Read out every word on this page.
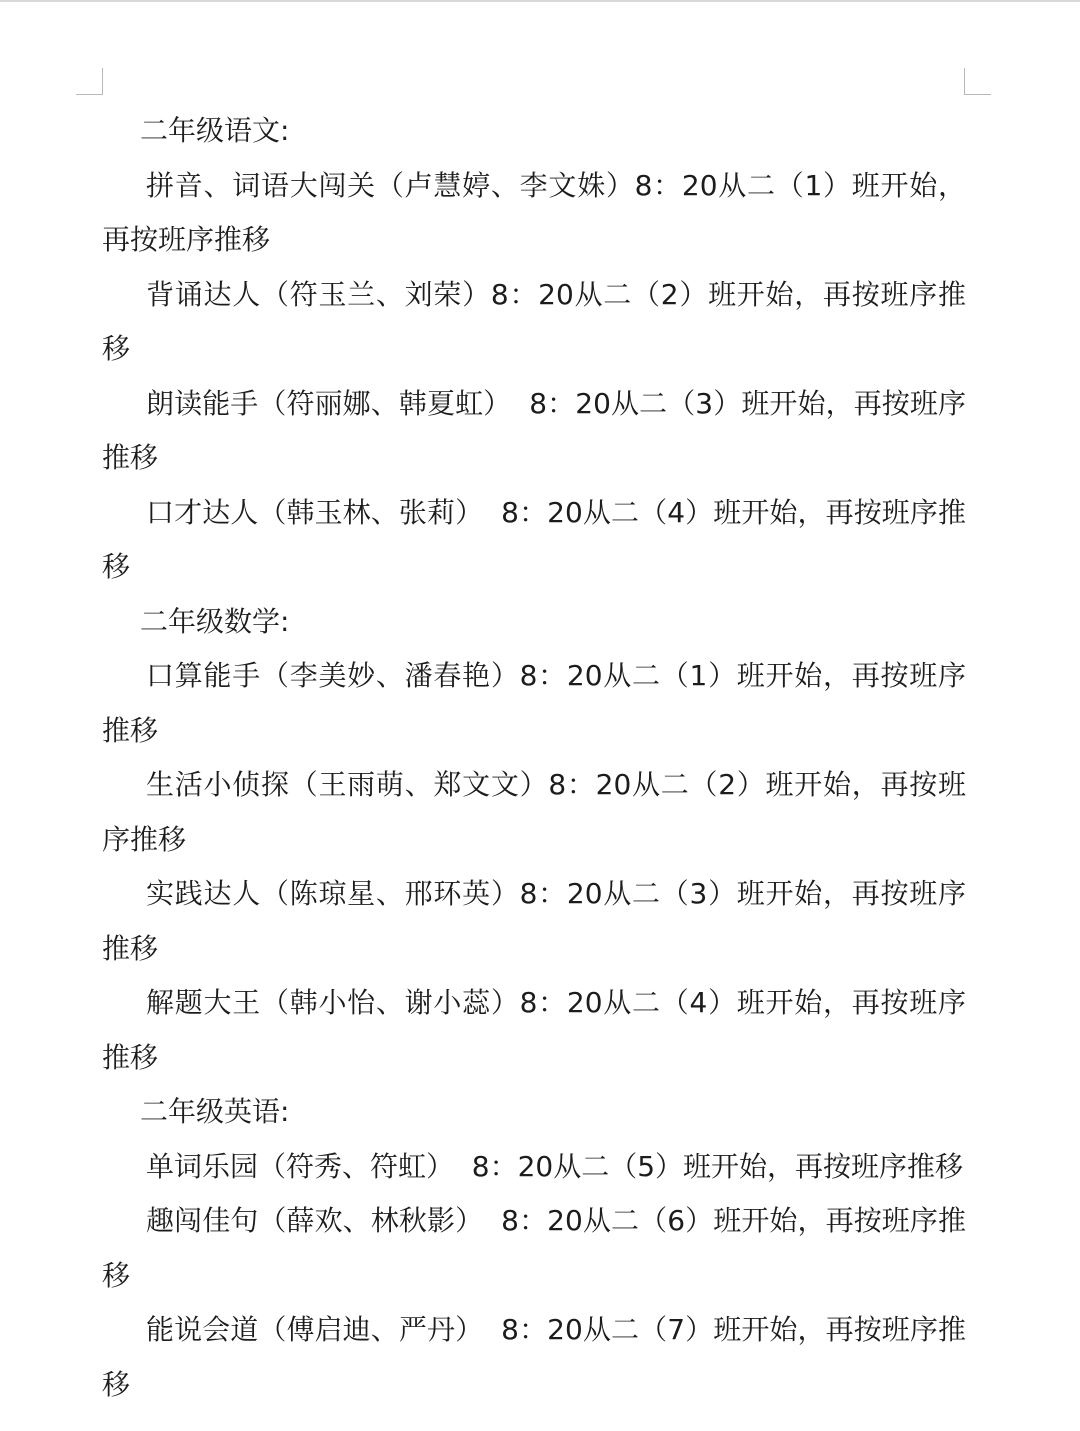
二年级语文:

拼音、词语大闯关（卢慧婷、李文姝）8：20从二（1）班开始，再按班序推移

背诵达人（符玉兰、刘荣）8：20从二（2）班开始，再按班序推移

朗读能手（符丽娜、韩夏虹）  8：20从二（3）班开始，再按班序推移

口才达人（韩玉林、张莉）  8：20从二（4）班开始，再按班序推移

二年级数学:

口算能手（李美妙、潘春艳）8：20从二（1）班开始，再按班序推移

生活小侦探（王雨萌、郑文文）8：20从二（2）班开始，再按班序推移

实践达人（陈琼星、邢环英）8：20从二（3）班开始，再按班序推移

解题大王（韩小怡、谢小蕊）8：20从二（4）班开始，再按班序推移

二年级英语:

单词乐园（符秀、符虹）  8：20从二（5）班开始，再按班序推移

趣闯佳句（薛欢、林秋影）  8：20从二（6）班开始，再按班序推移

能说会道（傅启迪、严丹）  8：20从二（7）班开始，再按班序推移
